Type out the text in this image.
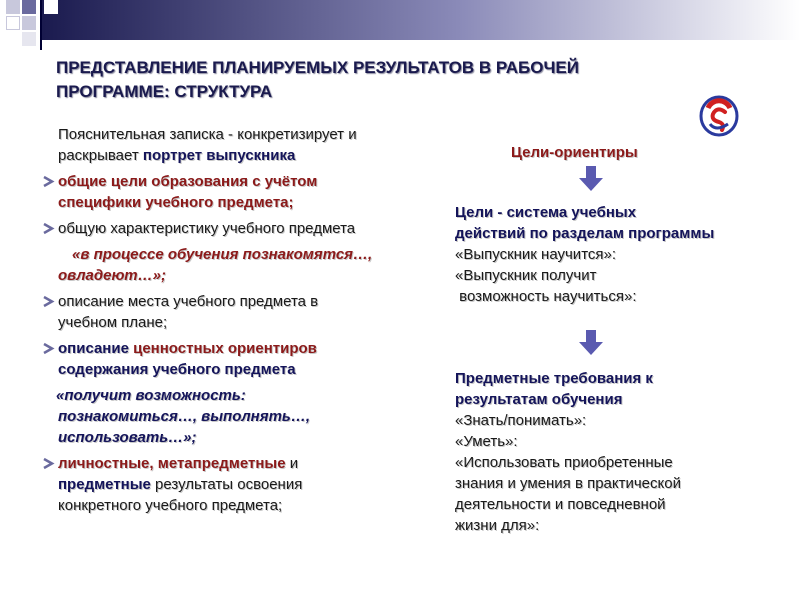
ПРЕДСТАВЛЕНИЕ ПЛАНИРУЕМЫХ РЕЗУЛЬТАТОВ В РАБОЧЕЙ
ПРОГРАММЕ: СТРУКТУРА
Пояснительная записка - конкретизирует и
раскрывает портрет выпускника
общие цели образования с учётом
специфики учебного предмета;
общую характеристику учебного предмета
«в процессе обучения познакомятся…,
овладеют…»;
описание места учебного предмета в
учебном плане;
описание ценностных ориентиров
содержания учебного предмета
«получит возможность:
познакомиться…, выполнять…,
использовать…»;
личностные, метапредметные и
предметные результаты освоения
конкретного учебного предмета;
Цели-ориентиры
Цели - система учебных
действий по разделам программы
«Выпускник научится»:
«Выпускник получит
возможность научиться»:
Предметные требования к
результатам обучения
«Знать/понимать»:
«Уметь»:
«Использовать приобретенные
знания и умения в практической
деятельности и повседневной
жизни для»:
